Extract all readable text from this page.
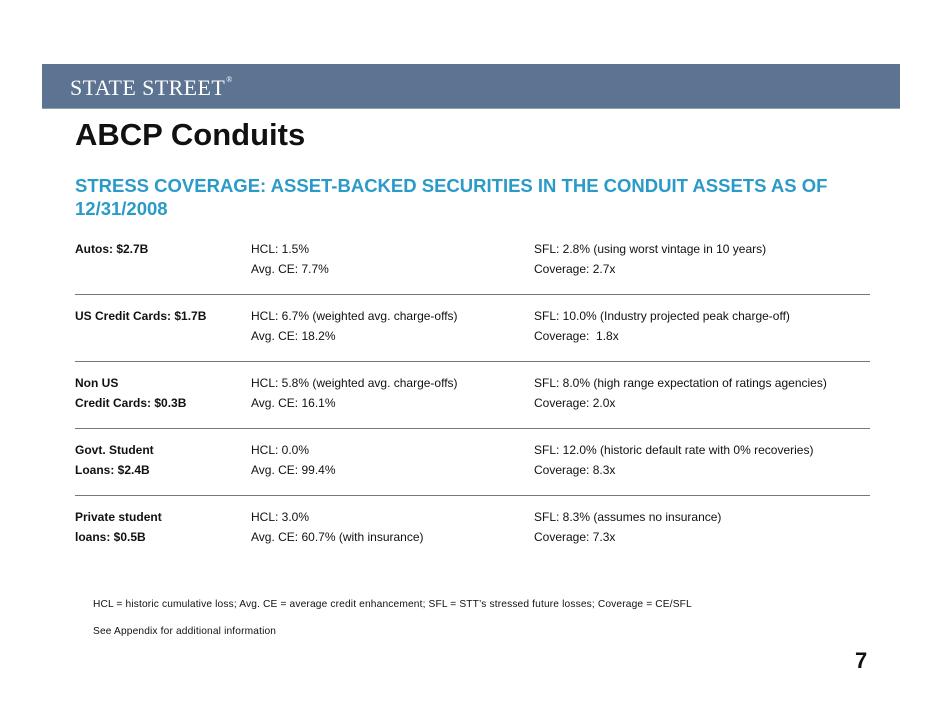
STATE STREET®
ABCP Conduits
STRESS COVERAGE: ASSET-BACKED SECURITIES IN THE CONDUIT ASSETS AS OF 12/31/2008
Autos: $2.7B	HCL: 1.5%
Avg. CE: 7.7%
SFL: 2.8% (using worst vintage in 10 years)
Coverage: 2.7x
US Credit Cards: $1.7B	HCL: 6.7% (weighted avg. charge-offs)
Avg. CE: 18.2%
SFL: 10.0% (Industry projected peak charge-off)
Coverage:  1.8x
Non US
Credit Cards: $0.3B
HCL: 5.8% (weighted avg. charge-offs)
Avg. CE: 16.1%
SFL: 8.0% (high range expectation of ratings agencies)
Coverage: 2.0x
Govt. Student
Loans: $2.4B
HCL: 0.0%
Avg. CE: 99.4%
SFL: 12.0% (historic default rate with 0% recoveries)
Coverage: 8.3x
Private student
loans: $0.5B
HCL: 3.0%
Avg. CE: 60.7% (with insurance)
SFL: 8.3% (assumes no insurance)
Coverage: 7.3x
HCL = historic cumulative loss; Avg. CE = average credit enhancement; SFL = STT’s stressed future losses; Coverage = CE/SFL
See Appendix for additional information
7
